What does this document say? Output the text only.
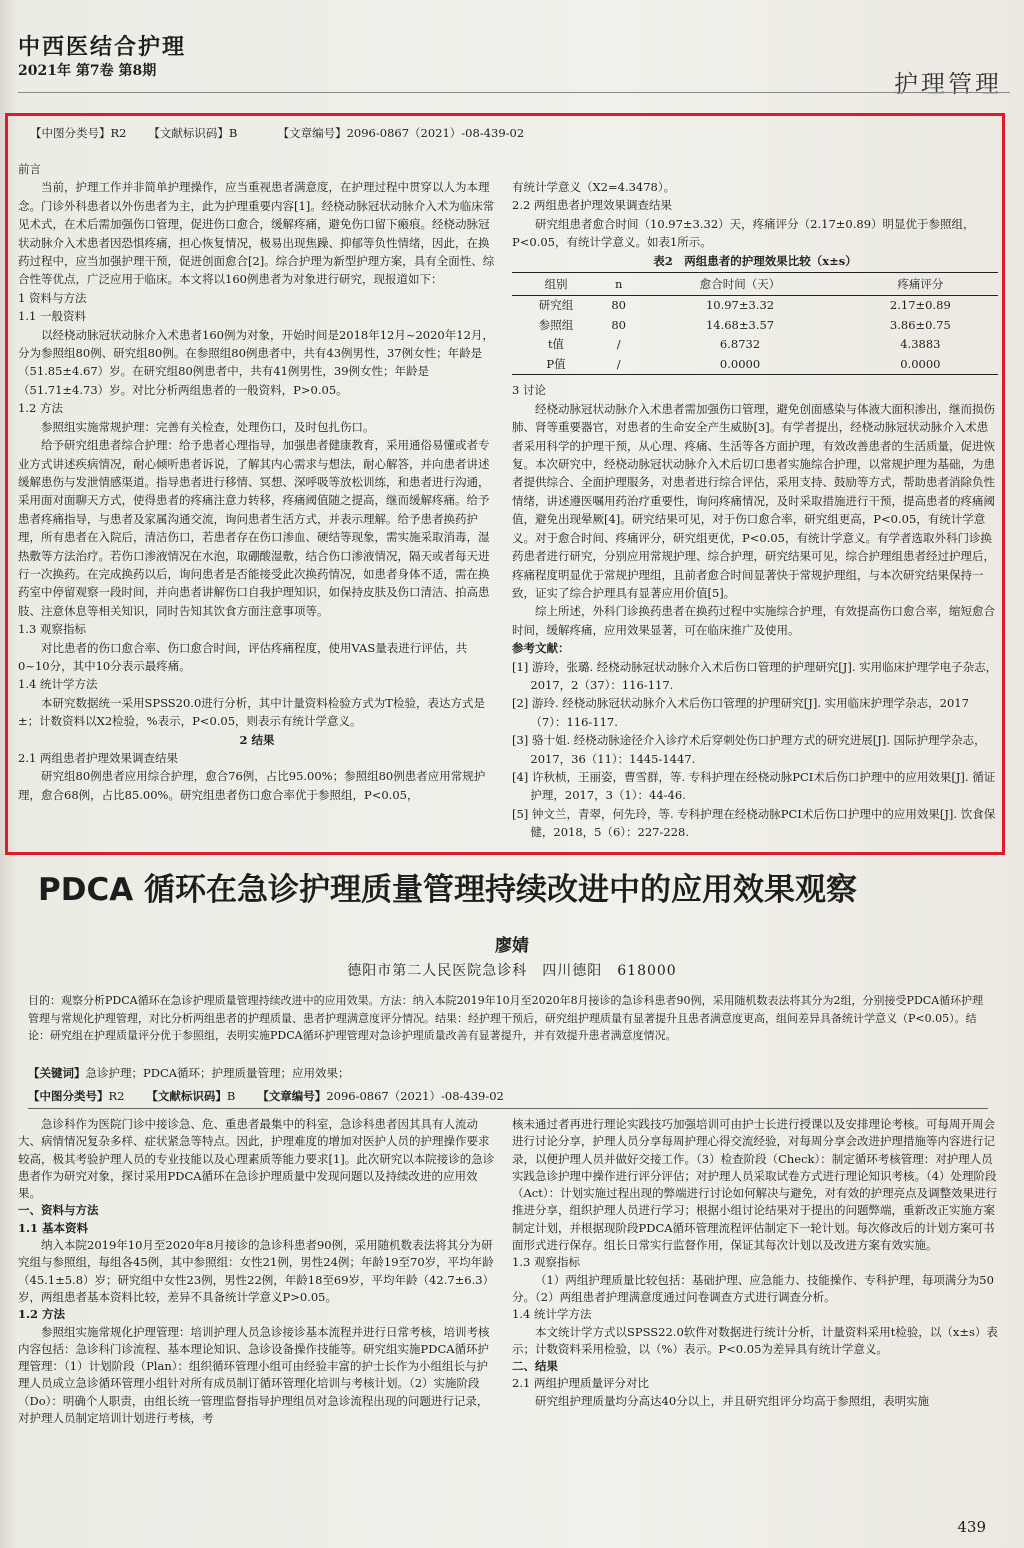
中西医结合护理
2021年 第7卷 第8期	护理管理
【中图分类号】R2 【文献标识码】B	【文章编号】2096-0867（2021）-08-439-02

前言

当前，护理工作并非简单护理操作，应当重视患者满意度，在护理过程中贯穿以人为本理念。门诊外科患者以外伤患者为主，此为护理重要内容[1]。经桡动脉冠状动脉介入术为临床常见术式，在术后需加强伤口管理，促进伤口愈合，缓解疼痛，避免伤口留下瘢痕。经桡动脉冠状动脉介入术患者因恐惧疼痛，担心恢复情况，极易出现焦躁、抑郁等负性情绪，因此，在换药过程中，应当加强护理干预，促进创面愈合[2]。综合护理为新型护理方案，具有全面性、综合性等优点，广泛应用于临床。本文将以160例患者为对象进行研究，现报道如下：

1 资料与方法

1.1 一般资料

以经桡动脉冠状动脉介入术患者160例为对象，开始时间是2018年12月~2020年12月，分为参照组80例、研究组80例。在参照组80例患者中，共有43例男性，37例女性；年龄是（51.85±4.67）岁。在研究组80例患者中，共有41例男性，39例女性；年龄是（51.71±4.73）岁。对比分析两组患者的一般资料，P>0.05。

1.2 方法

参照组实施常规护理：完善有关检查，处理伤口，及时包扎伤口。

给予研究组患者综合护理：给予患者心理指导，加强患者健康教育，采用通俗易懂或者专业方式讲述疾病情况，耐心倾听患者诉说，了解其内心需求与想法，耐心解答，并向患者讲述缓解患伤与发泄情感渠道。指导患者进行移情、冥想、深呼吸等放松训练，和患者进行沟通，采用面对面聊天方式，使得患者的疼痛注意力转移，疼痛阈值随之提高，继而缓解疼痛。给予患者疼痛指导，与患者及家属沟通交流，询问患者生活方式，并表示理解。给予患者换药护理，所有患者在入院后，清洁伤口，若患者存在伤口渗血、硬结等现象，需实施采取消毒，湿热敷等方法治疗。若伤口渗液情况在水泡，取硼酸湿敷，结合伤口渗液情况，隔天或者每天进行一次换药。在完成换药以后，询问患者是否能接受此次换药情况，如患者身体不适，需在换药室中停留观察一段时间，并向患者讲解伤口自我护理知识，如保持皮肤及伤口清洁、拍高患肢、注意休息等相关知识，同时告知其饮食方面注意事项等。

1.3 观察指标

对比患者的伤口愈合率、伤口愈合时间，评估疼痛程度，使用VAS量表进行评估，共0~10分，其中10分表示最疼痛。

1.4 统计学方法

本研究数据统一采用SPSS20.0进行分析，其中计量资料检验方式为T检验，表达方式是±；计数资料以X2检验，%表示，P<0.05，则表示有统计学意义。

2 结果

2.1 两组患者护理效果调查结果

研究组80例患者应用综合护理，愈合76例，占比95.00%；参照组80例患者应用常规护理，愈合68例，占比85.00%。研究组患者伤口愈合率优于参照组，P<0.05，

有统计学意义（X2=4.3478）。

2.2 两组患者护理效果调查结果

研究组患者愈合时间（10.97±3.32）天，疼痛评分（2.17±0.89）明显优于参照组，P<0.05，有统计学意义。如表1所示。

表2　两组患者的护理效果比较（x±s）
组别	n	愈合时间（天）	疼痛评分
研究组	80	10.97±3.32	2.17±0.89
参照组	80	14.68±3.57	3.86±0.75
t值	/	6.8732	4.3883
P值	/	0.0000	0.0000

3 讨论

经桡动脉冠状动脉介入术患者需加强伤口管理，避免创面感染与体液大面积渗出，继而损伤肺、肾等重要器官，对患者的生命安全产生威胁[3]。有学者提出，经桡动脉冠状动脉介入术患者采用科学的护理干预，从心理、疼痛、生活等各方面护理，有效改善患者的生活质量，促进恢复。本次研究中，经桡动脉冠状动脉介入术后切口患者实施综合护理，以常规护理为基础，为患者提供综合、全面护理服务，对患者进行综合评估，采用支持、鼓励等方式，帮助患者消除负性情绪，讲述遵医嘱用药治疗重要性，询问疼痛情况，及时采取措施进行干预，提高患者的疼痛阈值，避免出现晕厥[4]。研究结果可见，对于伤口愈合率，研究组更高，P<0.05，有统计学意义。对于愈合时间、疼痛评分，研究组更优，P<0.05，有统计学意义。有学者选取外科门诊换药患者进行研究，分别应用常规护理、综合护理，研究结果可见，综合护理组患者经过护理后，疼痛程度明显优于常规护理组，且前者愈合时间显著快于常规护理组，与本次研究结果保持一致，证实了综合护理具有显著应用价值[5]。

综上所述，外科门诊换药患者在换药过程中实施综合护理，有效提高伤口愈合率，缩短愈合时间，缓解疼痛，应用效果显著，可在临床推广及使用。

参考文献：

[1] 游玲，张璐. 经桡动脉冠状动脉介入术后伤口管理的护理研究[J]. 实用临床护理学电子杂志，2017，2（37）：116-117.

[2] 游玲. 经桡动脉冠状动脉介入术后伤口管理的护理研究[J]. 实用临床护理学杂志，2017（7）：116-117.

[3] 骆十姐. 经桡动脉途径介入诊疗术后穿刺处伤口护理方式的研究进展[J]. 国际护理学杂志，2017，36（11）：1445-1447.

[4] 许秋桢，王丽姿，曹雪群，等. 专科护理在经桡动脉PCI术后伤口护理中的应用效果[J]. 循证护理，2017，3（1）：44-46.

[5] 钟文兰，青翠，何先玲，等. 专科护理在经桡动脉PCI术后伤口护理中的应用效果[J]. 饮食保健，2018，5（6）：227-228.

PDCA 循环在急诊护理质量管理持续改进中的应用效果观察
廖婧
德阳市第二人民医院急诊科　四川德阳　618000
目的：观察分析PDCA循环在急诊护理质量管理持续改进中的应用效果。方法：纳入本院2019年10月至2020年8月接诊的急诊科患者90例，采用随机数表法将其分为2组，分别接受PDCA循环护理管理与常规化护理管理，对比分析两组患者的护理质量、患者护理满意度评分情况。结果：经护理干预后，研究组护理质量有显著提升且患者满意度更高，组间差异具备统计学意义（P<0.05）。结论：研究组在护理质量评分优于参照组，表明实施PDCA循环护理管理对急诊护理质量改善有显著提升，并有效提升患者满意度情况。
【关键词】急诊护理；PDCA循环；护理质量管理；应用效果；
【中图分类号】R2 【文献标识码】B 【文章编号】2096-0867（2021）-08-439-02

急诊科作为医院门诊中接诊急、危、重患者最集中的科室，急诊科患者因其具有人流动大、病情情况复杂多样、症状紧急等特点。因此，护理难度的增加对医护人员的护理操作要求较高，极其考验护理人员的专业技能以及心理素质等能力要求[1]。此次研究以本院接诊的急诊患者作为研究对象，探讨采用PDCA循环在急诊护理质量中发现问题以及持续改进的应用效果。

一、资料与方法

1.1 基本资料

纳入本院2019年10月至2020年8月接诊的急诊科患者90例，采用随机数表法将其分为研究组与参照组，每组各45例，其中参照组：女性21例，男性24例；年龄19至70岁，平均年龄（45.1±5.8）岁；研究组中女性23例，男性22例，年龄18至69岁，平均年龄（42.7±6.3）岁，两组患者基本资料比较，差异不具备统计学意义P>0.05。

1.2 方法

参照组实施常规化护理管理：培训护理人员急诊接诊基本流程并进行日常考核，培训考核内容包括：急诊科门诊流程、基本理论知识、急诊设备操作技能等。研究组实施PDCA循环护理管理：（1）计划阶段（Plan）：组织循环管理小组可由经验丰富的护士长作为小组组长与护理人员成立急诊循环管理小组针对所有成员制订循环管理化培训与考核计划。（2）实施阶段（Do）：明确个人职责，由组长统一管理监督指导护理组员对急诊流程出现的问题进行记录，对护理人员制定培训计划进行考核，考

核未通过者再进行理论实践技巧加强培训可由护士长进行授课以及安排理论考核。可每周开周会进行讨论分享，护理人员分享每周护理心得交流经验，对每周分享会改进护理措施等内容进行记录，以便护理人员并做好交接工作。（3）检查阶段（Check）：制定循环考核管理：对护理人员实践急诊护理中操作进行评分评估；对护理人员采取试卷方式进行理论知识考核。（4）处理阶段（Act）：计划实施过程出现的弊端进行讨论如何解决与避免，对有效的护理亮点及调整效果进行推进分享，组织护理人员进行学习；根据小组讨论结果对于提出的问题弊端，重新改正实施方案制定计划，并根据现阶段PDCA循环管理流程评估制定下一轮计划。每次修改后的计划方案可书面形式进行保存。组长日常实行监督作用，保证其每次计划以及改进方案有效实施。

1.3 观察指标

（1）两组护理质量比较包括：基础护理、应急能力、技能操作、专科护理，每项满分为50分。（2）两组患者护理满意度通过问卷调查方式进行调查分析。

1.4 统计学方法

本文统计学方式以SPSS22.0软件对数据进行统计分析，计量资料采用t检验，以（x±s）表示；计数资料采用检验，以（%）表示。P<0.05为差异具有统计学意义。

二、结果

2.1 两组护理质量评分对比

研究组护理质量均分高达40分以上，并且研究组评分均高于参照组，表明实施

439
